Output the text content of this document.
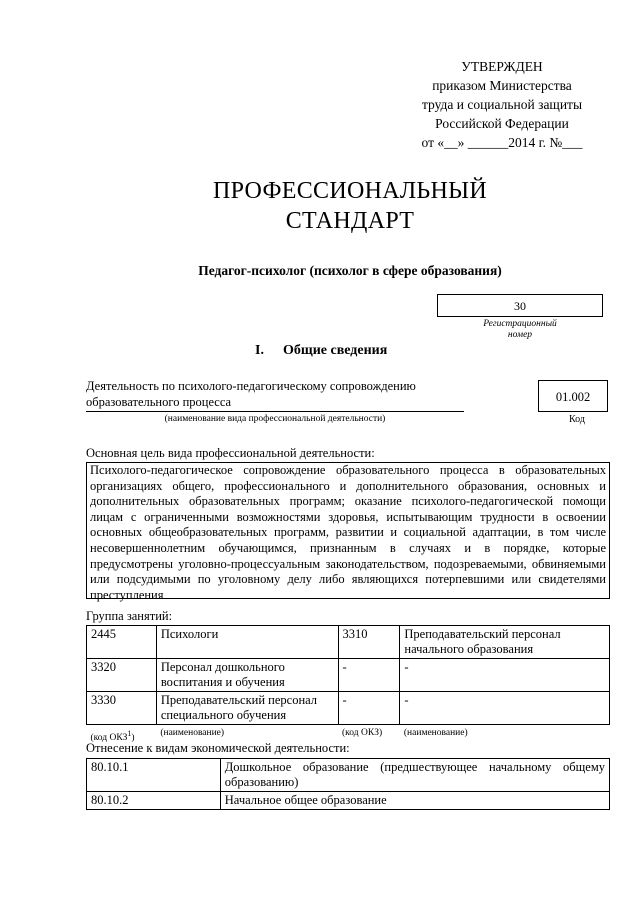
УТВЕРЖДЕН
приказом Министерства
труда и социальной защиты
Российской Федерации
от «__» ______2014 г. №___
ПРОФЕССИОНАЛЬНЫЙ
СТАНДАРТ
Педагог-психолог (психолог в сфере образования)
30
Регистрационный
номер
I. Общие сведения
Деятельность по психолого-педагогическому сопровождению образовательного процесса
(наименование вида профессиональной деятельности)
01.002
Код
Основная цель вида профессиональной деятельности:
Психолого-педагогическое сопровождение образовательного процесса в образовательных организациях общего, профессионального и дополнительного образования, основных и дополнительных образовательных программ; оказание психолого-педагогической помощи лицам с ограниченными возможностями здоровья, испытывающим трудности в освоении основных общеобразовательных программ, развитии и социальной адаптации, в том числе несовершеннолетним обучающимся, признанным в случаях и в порядке, которые предусмотрены уголовно-процессуальным законодательством, подозреваемыми, обвиняемыми или подсудимыми по уголовному делу либо являющихся потерпевшими или свидетелями преступления
Группа занятий:
2445	Психологи	3310	Преподавательский персонал начального образования
3320	Персонал дошкольного воспитания и обучения	-	-
3330	Преподавательский персонал специального обучения	-	-
(код ОКЗ$^1$)	(наименование)	(код ОКЗ)	(наименование)
Отнесение к видам экономической деятельности:
80.10.1	Дошкольное образование (предшествующее начальному общему образованию)
80.10.2	Начальное общее образование
